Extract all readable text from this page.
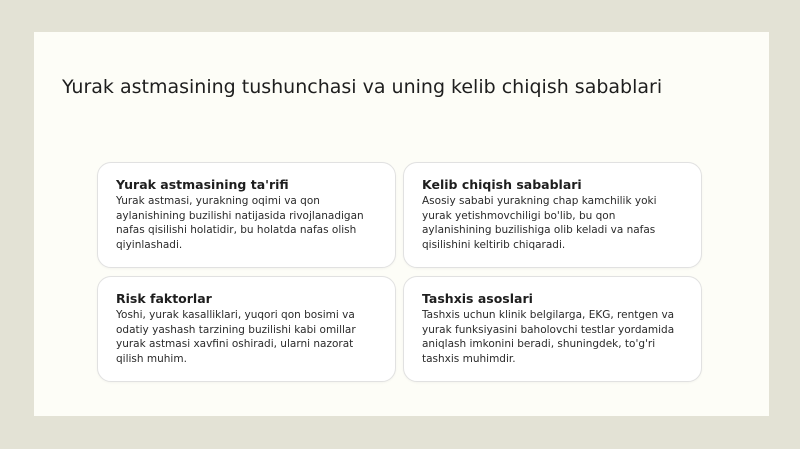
Yurak astmasining tushunchasi va uning kelib chiqish sabablari
Yurak astmasining ta'rifi

Yurak astmasi, yurakning oqimi va qon
aylanishining buzilishi natijasida rivojlanadigan
nafas qisilishi holatidir, bu holatda nafas olish
qiyinlashadi.

Kelib chiqish sabablari

Asosiy sababi yurakning chap kamchilik yoki
yurak yetishmovchiligi bo'lib, bu qon
aylanishining buzilishiga olib keladi va nafas
qisilishini keltirib chiqaradi.

Risk faktorlar

Yoshi, yurak kasalliklari, yuqori qon bosimi va
odatiy yashash tarzining buzilishi kabi omillar
yurak astmasi xavfini oshiradi, ularni nazorat
qilish muhim.

Tashxis asoslari

Tashxis uchun klinik belgilarga, EKG, rentgen va
yurak funksiyasini baholovchi testlar yordamida
aniqlash imkonini beradi, shuningdek, to'g'ri
tashxis muhimdir.
